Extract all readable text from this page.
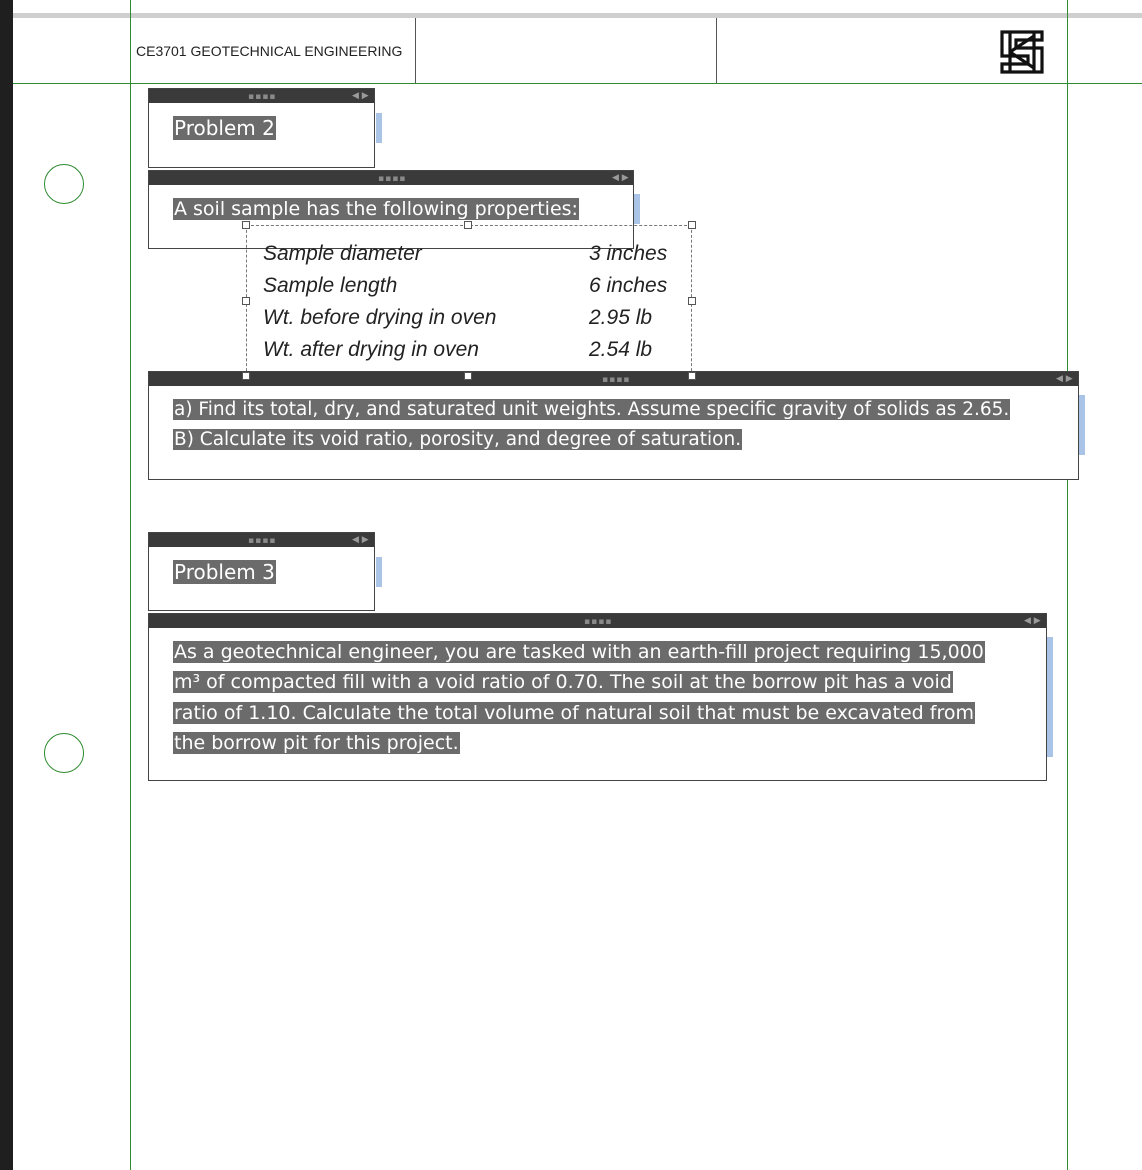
CE3701 GEOTECHNICAL ENGINEERING
▪▪▪▪	◀ ▶
Problem 2
▪▪▪▪	◀ ▶
A soil sample has the following properties:
Sample diameter	3 inches
Sample length	6 inches
Wt. before drying in oven	2.95 lb
Wt. after drying in oven	2.54 lb
▪▪▪▪	◀ ▶
a) Find its total, dry, and saturated unit weights. Assume specific gravity of solids as 2.65.
B) Calculate its void ratio, porosity, and degree of saturation.
▪▪▪▪	◀ ▶
Problem 3
▪▪▪▪	◀ ▶
As a geotechnical engineer, you are tasked with an earth-fill project requiring 15,000
m³ of compacted fill with a void ratio of 0.70. The soil at the borrow pit has a void
ratio of 1.10. Calculate the total volume of natural soil that must be excavated from
the borrow pit for this project.
